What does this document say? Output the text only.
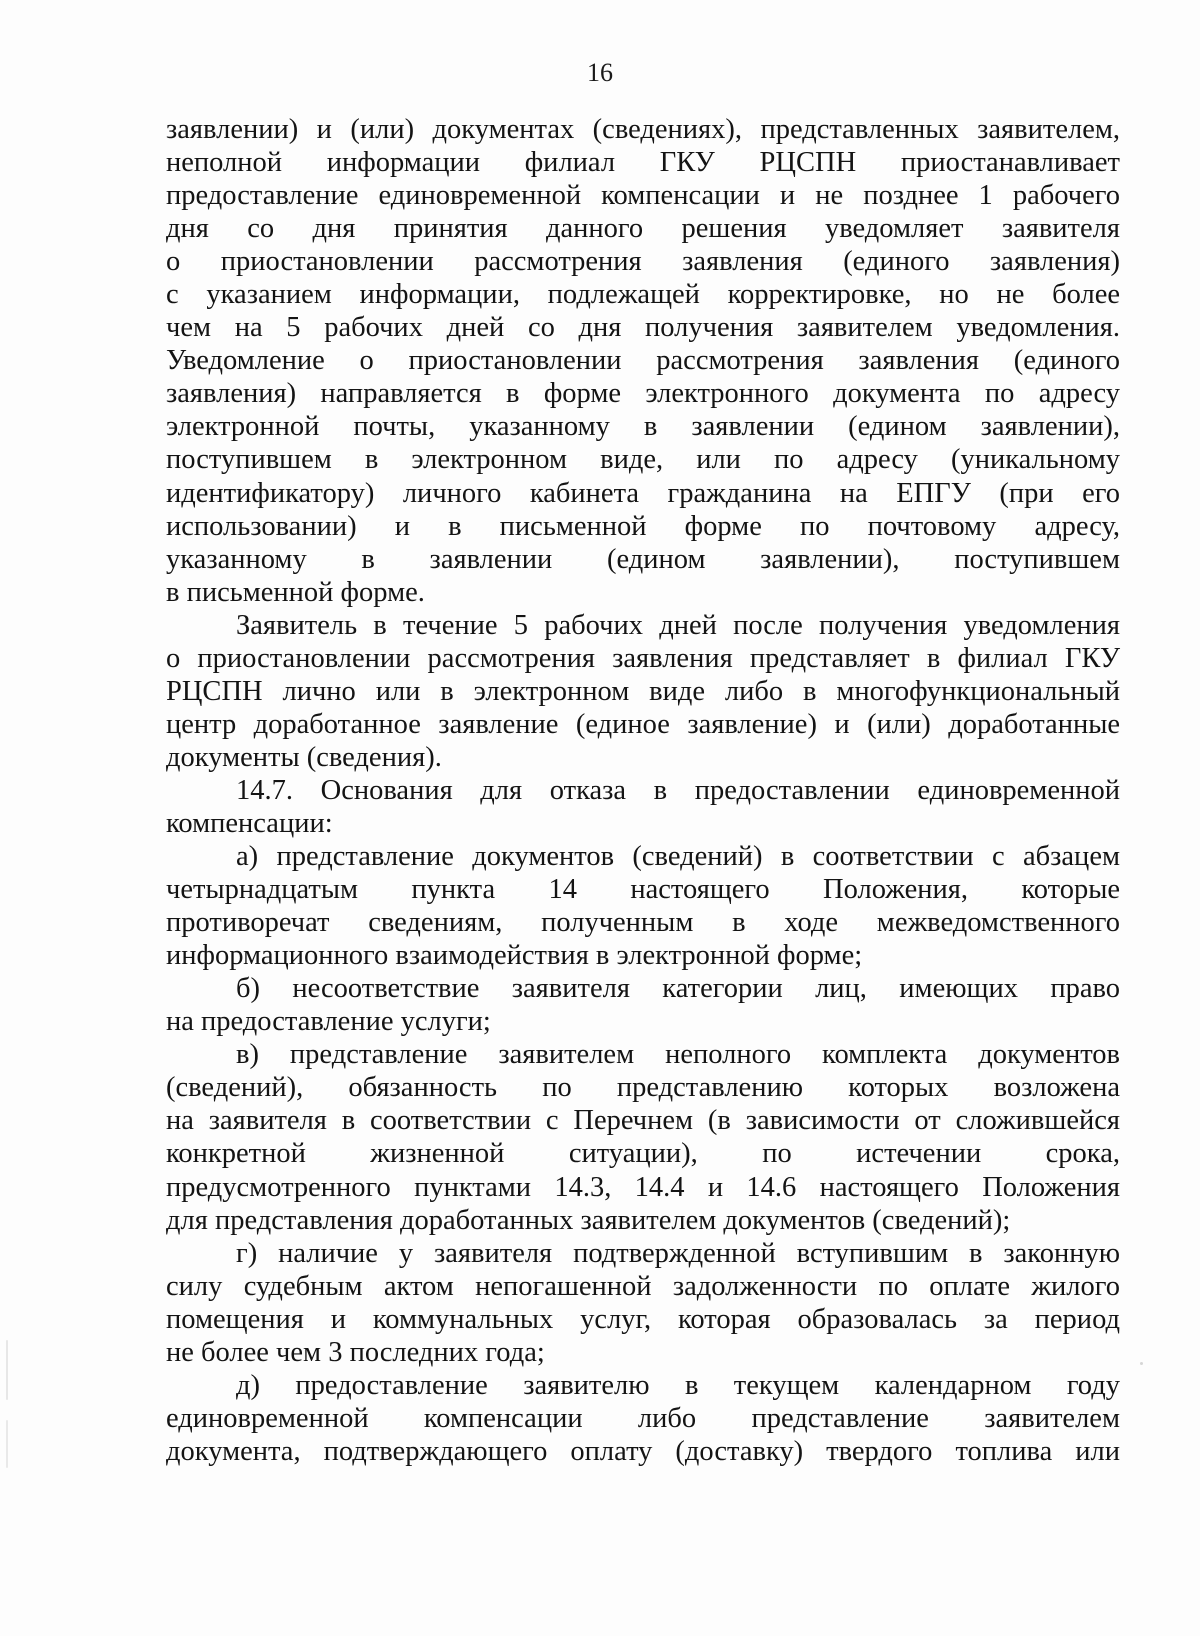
16
заявлении) и (или) документах (сведениях), представленных заявителем,
неполной информации филиал ГКУ РЦСПН приостанавливает
предоставление единовременной компенсации и не позднее 1 рабочего
дня со дня принятия данного решения уведомляет заявителя
о приостановлении рассмотрения заявления (единого заявления)
с указанием информации, подлежащей корректировке, но не более
чем на 5 рабочих дней со дня получения заявителем уведомления.
Уведомление о приостановлении рассмотрения заявления (единого
заявления) направляется в форме электронного документа по адресу
электронной почты, указанному в заявлении (едином заявлении),
поступившем в электронном виде, или по адресу (уникальному
идентификатору) личного кабинета гражданина на ЕПГУ (при его
использовании) и в письменной форме по почтовому адресу,
указанному в заявлении (едином заявлении), поступившем
в письменной форме.
Заявитель в течение 5 рабочих дней после получения уведомления
о приостановлении рассмотрения заявления представляет в филиал ГКУ
РЦСПН лично или в электронном виде либо в многофункциональный
центр доработанное заявление (единое заявление) и (или) доработанные
документы (сведения).
14.7. Основания для отказа в предоставлении единовременной
компенсации:
а) представление документов (сведений) в соответствии с абзацем
четырнадцатым пункта 14 настоящего Положения, которые
противоречат сведениям, полученным в ходе межведомственного
информационного взаимодействия в электронной форме;
б) несоответствие заявителя категории лиц, имеющих право
на предоставление услуги;
в) представление заявителем неполного комплекта документов
(сведений), обязанность по представлению которых возложена
на заявителя в соответствии с Перечнем (в зависимости от сложившейся
конкретной жизненной ситуации), по истечении срока,
предусмотренного пунктами 14.3, 14.4 и 14.6 настоящего Положения
для представления доработанных заявителем документов (сведений);
г) наличие у заявителя подтвержденной вступившим в законную
силу судебным актом непогашенной задолженности по оплате жилого
помещения и коммунальных услуг, которая образовалась за период
не более чем 3 последних года;
д) предоставление заявителю в текущем календарном году
единовременной компенсации либо представление заявителем
документа, подтверждающего оплату (доставку) твердого топлива или
